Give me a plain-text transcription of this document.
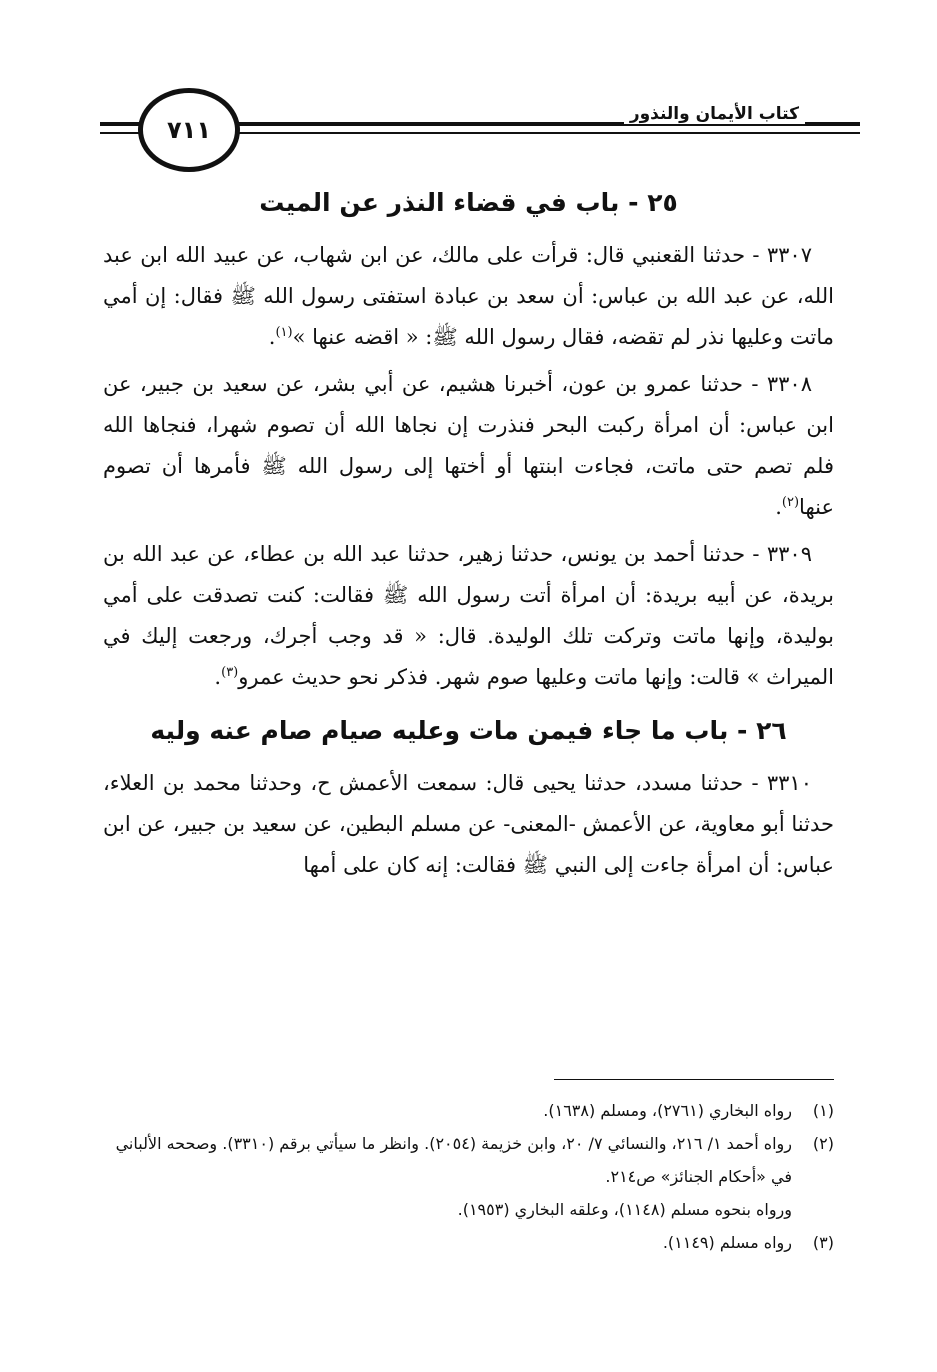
كتاب الأيمان والنذور
٧١١
٢٥ - باب في قضاء النذر عن الميت

٣٣٠٧ - حدثنا القعنبي قال: قرأت على مالك، عن ابن شهاب، عن عبيد الله ابن عبد الله، عن عبد الله بن عباس: أن سعد بن عبادة استفتى رسول الله ﷺ فقال: إن أمي ماتت وعليها نذر لم تقضه، فقال رسول الله ﷺ: « اقضه عنها »$^{(١)}$.

٣٣٠٨ - حدثنا عمرو بن عون، أخبرنا هشيم، عن أبي بشر، عن سعيد بن جبير، عن ابن عباس: أن امرأة ركبت البحر فنذرت إن نجاها الله أن تصوم شهرا، فنجاها الله فلم تصم حتى ماتت، فجاءت ابنتها أو أختها إلى رسول الله ﷺ فأمرها أن تصوم عنها$^{(٢)}$.

٣٣٠٩ - حدثنا أحمد بن يونس، حدثنا زهير، حدثنا عبد الله بن عطاء، عن عبد الله بن بريدة، عن أبيه بريدة: أن امرأة أتت رسول الله ﷺ فقالت: كنت تصدقت على أمي بوليدة، وإنها ماتت وتركت تلك الوليدة. قال: « قد وجب أجرك، ورجعت إليك في الميراث » قالت: وإنها ماتت وعليها صوم شهر. فذكر نحو حديث عمرو$^{(٣)}$.

٢٦ - باب ما جاء فيمن مات وعليه صيام صام عنه وليه

٣٣١٠ - حدثنا مسدد، حدثنا يحيى قال: سمعت الأعمش ح، وحدثنا محمد بن العلاء، حدثنا أبو معاوية، عن الأعمش -المعنى- عن مسلم البطين، عن سعيد بن جبير، عن ابن عباس: أن امرأة جاءت إلى النبي ﷺ فقالت: إنه كان على أمها

(١)
رواه البخاري (٢٧٦١)، ومسلم (١٦٣٨).
(٢)
رواه أحمد ١/ ٢١٦، والنسائي ٧/ ٢٠، وابن خزيمة (٢٠٥٤). وانظر ما سيأتي برقم (٣٣١٠). وصححه الألباني في «أحكام الجنائز» ص٢١٤.
ورواه بنحوه مسلم (١١٤٨)، وعلقه البخاري (١٩٥٣).
(٣)
رواه مسلم (١١٤٩).
